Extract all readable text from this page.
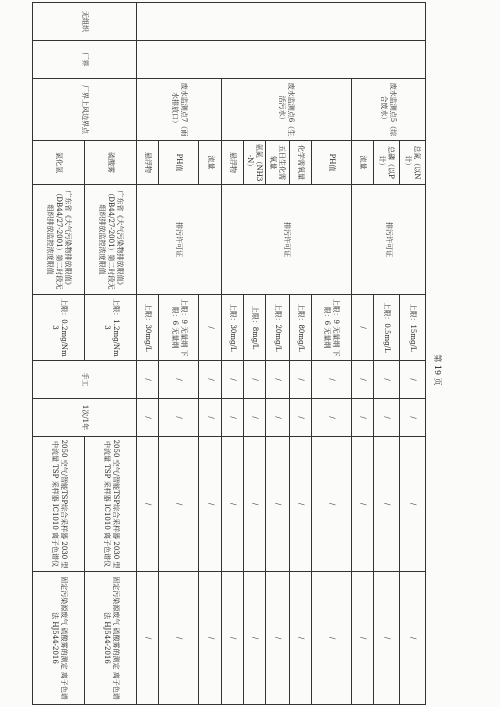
		废水监测点5（综合废水）	总氮（以N计）	排污许可证	上限：15mg/L	/	/	/	/
			总磷（以P计）		上限：0.5mg/L	/	/	/	/
			流量		/	/	/	/	/
		废水监测点6（生活污水）	PH值	排污许可证	上限：9 无量纲 下限：6 无量纲	/	/	/	/
			化学需氧量		上限：80mg/L	/	/	/	/
			五日生化需氧量		上限：20mg/L	/	/	/	/
			氨氮（NH3-N）		上限：8mg/L	/	/	/	/
			悬浮物		上限：30mg/L	/	/	/	/
		废水监测点7（雨水排放口）	流量	排污许可证	/	/	/	/	/
			PH值		上限：9 无量纲 下限：6 无量纲	/	/	/	/
			悬浮物		上限：30mg/L	/	/	/	/
无组织	厂界	厂界上风边界点	硫酸雾	广东省《大气污染物排放限值》（DB44/27-2001）第二时段无组织排放监控浓度限值	上限：1.2mg/Nm3	手工	1次/1年	2050 空气/智能TSP综合采样器 2030 型 中流量 TSP 采样器 IC1010 离子色谱仪	固定污染源废气 硫酸雾的测定 离子色谱法 HJ544-2016
			氯化氢	广东省《大气污染物排放限值》（DB44/27-2001）第二时段无组织排放监控浓度限值	上限：0.2mg/Nm3			2050 空气/智能TSP综合采样器 2030 型 中流量 TSP 采样器 IC1010 离子色谱仪	固定污染源废气 硫酸雾的测定 离子色谱法 HJ544-2016
第 19 页
